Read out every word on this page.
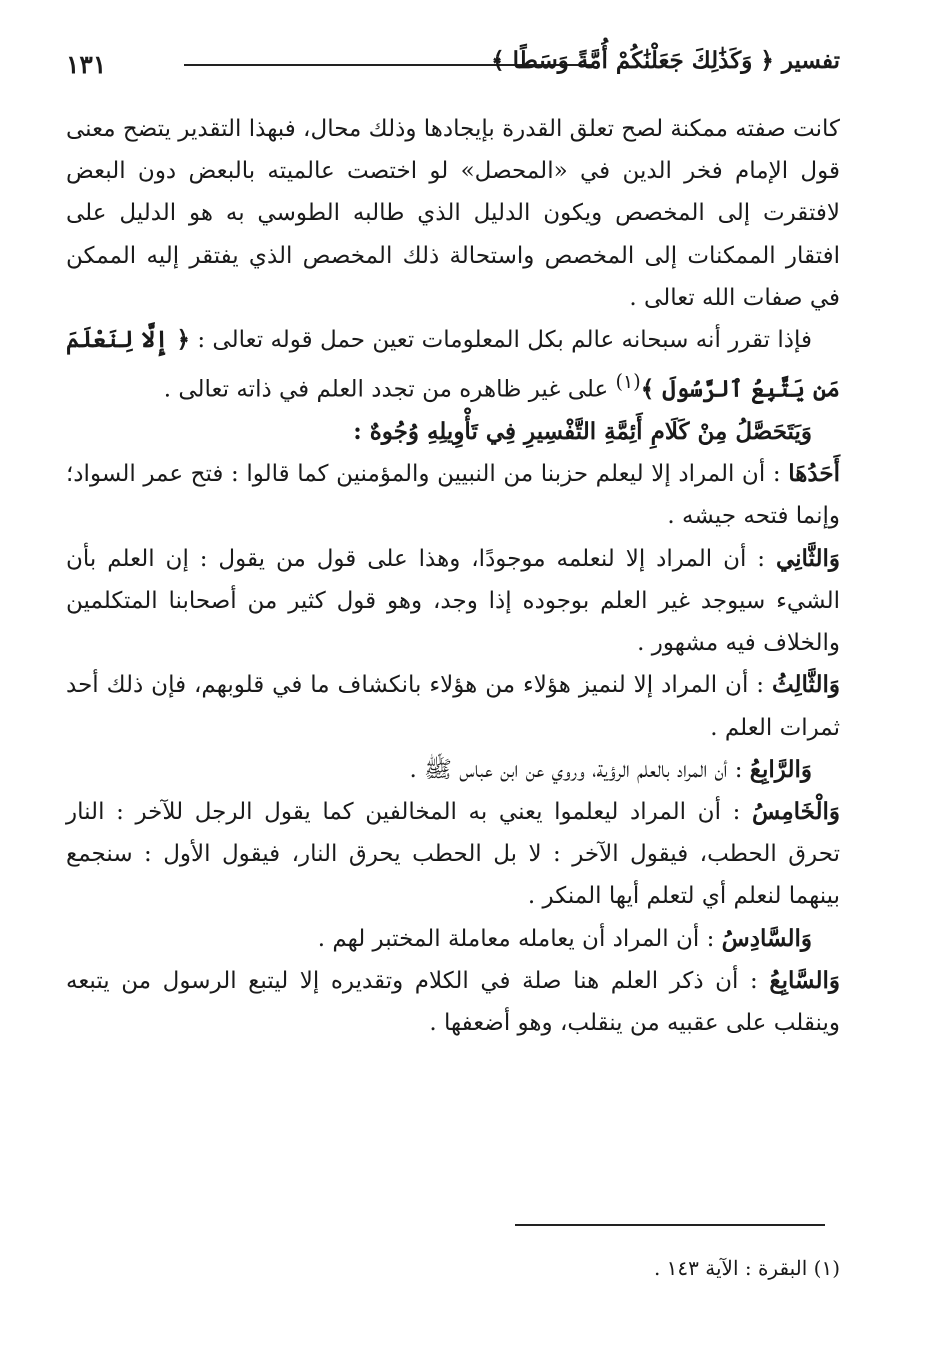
١٣١	تفسير ﴿ وَكَذَٰلِكَ جَعَلْنَٰكُمْ أُمَّةً وَسَطًا ﴾

كانت صفته ممكنة لصح تعلق القدرة بإيجادها وذلك محال، فبهذا التقدير يتضح معنى قول الإمام فخر الدين في «المحصل» لو اختصت عالميته بالبعض دون البعض لافتقرت إلى المخصص ويكون الدليل الذي طالبه الطوسي به هو الدليل على افتقار الممكنات إلى المخصص واستحالة ذلك المخصص الذي يفتقر إليه الممكن في صفات الله تعالى .

فإذا تقرر أنه سبحانه عالم بكل المعلومات تعين حمل قوله تعالى : ﴿ إِلَّا لِنَعْلَمَ مَن يَتَّبِعُ ٱلرَّسُولَ ﴾$^{(١)}$ على غير ظاهره من تجدد العلم في ذاته تعالى .

وَيَتَحَصَّلُ مِنْ كَلَامِ أَئِمَّةِ التَّفْسِيرِ فِي تَأْوِيلِهِ وُجُوهٌ :

أَحَدُهَا : أن المراد إلا ليعلم حزبنا من النبيين والمؤمنين كما قالوا : فتح عمر السواد؛ وإنما فتحه جيشه .

وَالثَّانِي : أن المراد إلا لنعلمه موجودًا، وهذا على قول من يقول : إن العلم بأن الشيء سيوجد غير العلم بوجوده إذا وجد، وهو قول كثير من أصحابنا المتكلمين والخلاف فيه مشهور .

وَالثَّالِثُ : أن المراد إلا لنميز هؤلاء من هؤلاء بانكشاف ما في قلوبهم، فإن ذلك أحد ثمرات العلم .

وَالرَّابِعُ : أن المراد بالعلم الرؤية، وروي عن ابن عباس ﷺ .

وَالْخَامِسُ : أن المراد ليعلموا يعني به المخالفين كما يقول الرجل للآخر : النار تحرق الحطب، فيقول الآخر : لا بل الحطب يحرق النار، فيقول الأول : سنجمع بينهما لنعلم أي لتعلم أيها المنكر .

وَالسَّادِسُ : أن المراد أن يعامله معاملة المختبر لهم .

وَالسَّابِعُ : أن ذكر العلم هنا صلة في الكلام وتقديره إلا ليتبع الرسول من يتبعه وينقلب على عقبيه من ينقلب، وهو أضعفها .

(١) البقرة : الآية ١٤٣ .
